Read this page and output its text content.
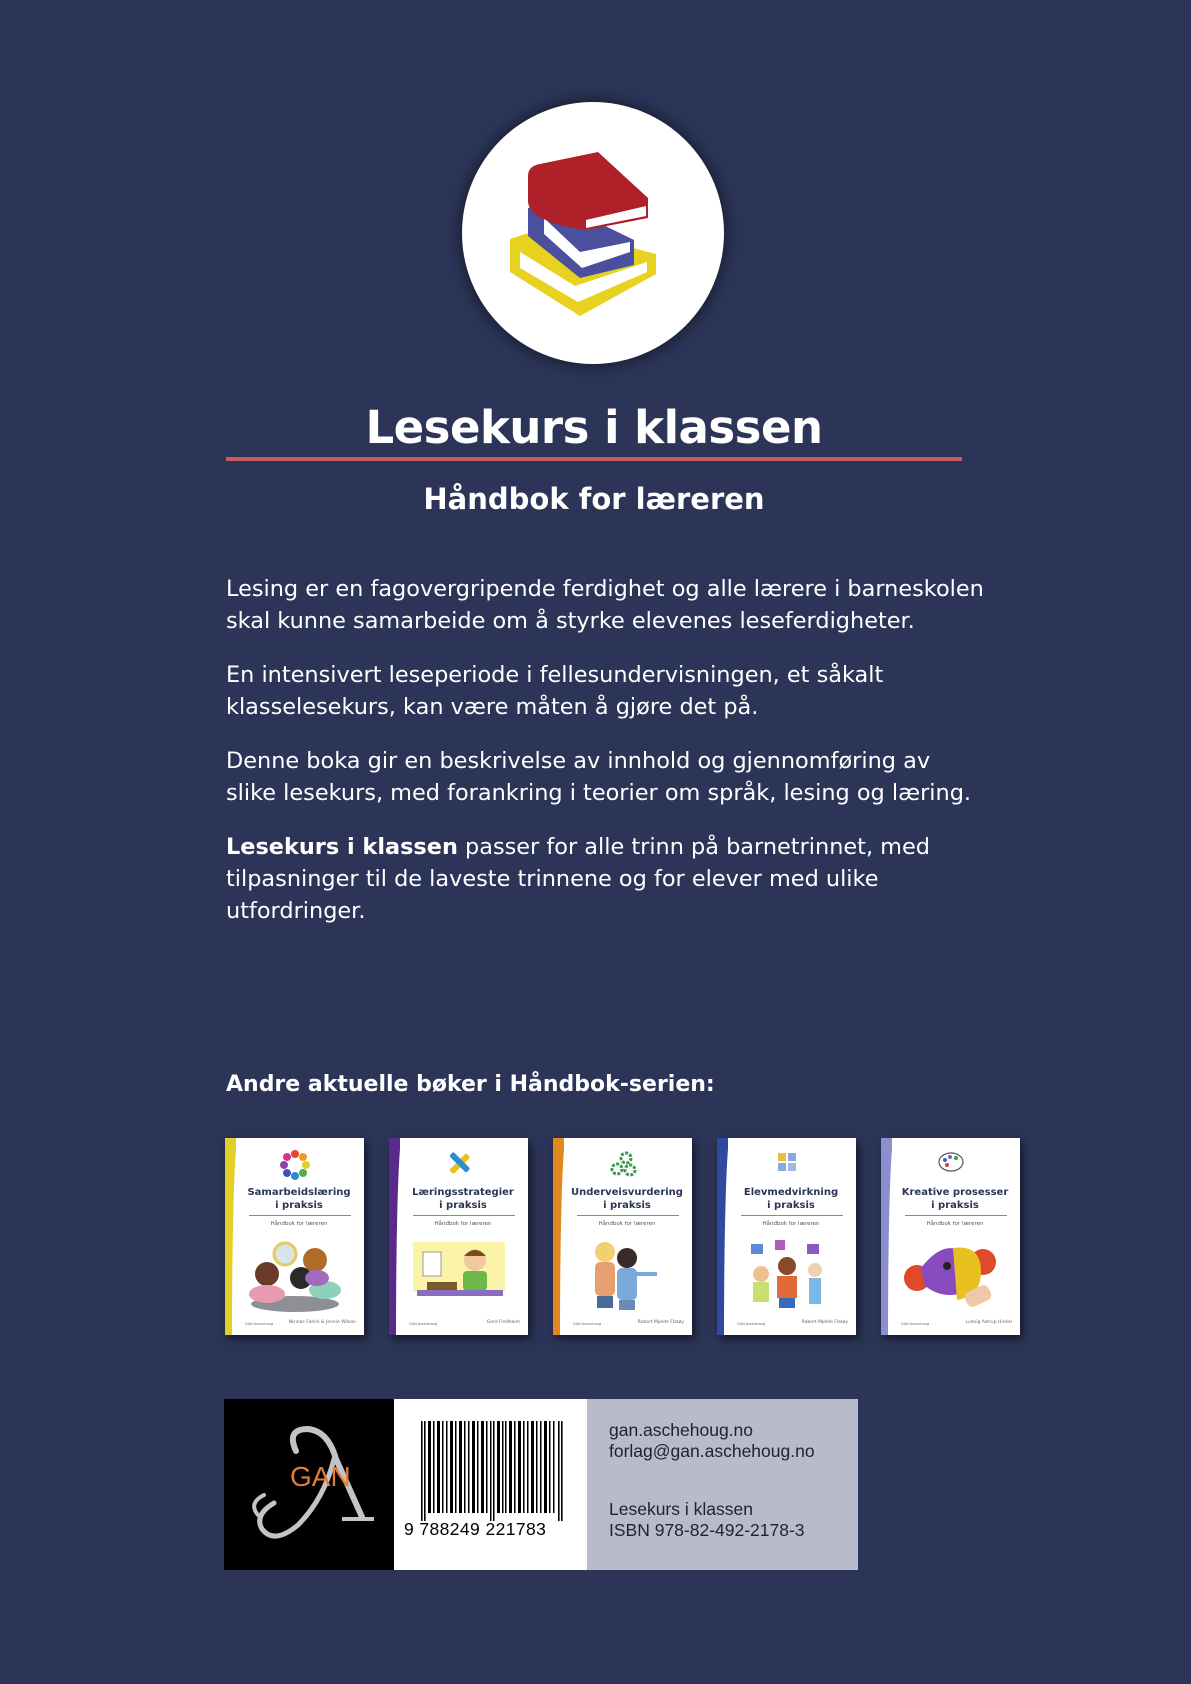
Lesekurs i klassen
Håndbok for læreren

Lesing er en fagovergripende ferdighet og alle lærere i barneskolen skal kunne samarbeide om å styrke elevenes leseferdigheter.

En intensivert leseperiode i fellesundervisningen, et såkalt klasselesekurs, kan være måten å gjøre det på.

Denne boka gir en beskrivelse av innhold og gjennomføring av slike lesekurs, med forankring i teorier om språk, lesing og læring.

Lesekurs i klassen passer for alle trinn på barnetrinnet, med tilpasninger til de laveste trinnene og for elever med ulike utfordringer.

Andre aktuelle bøker i Håndbok-serien:
Samarbeidslæring
i praksis
Håndbok for læreren
GAN Aschehoug	Nicolas Fohlin & Jennie Wilson
Læringsstrategier
i praksis
Håndbok for læreren
GAN Aschehoug	Gerd Fredheim
Underveisvurdering
i praksis
Håndbok for læreren
GAN Aschehoug	Robert Mjelde Flatøy
Elevmedvirkning
i praksis
Håndbok for læreren
GAN Aschehoug	Robert Mjelde Flatøy
Kreative prosesser
i praksis
Håndbok for læreren
GAN Aschehoug	Ludvig Astrup Hinkel
GAN
9 788249 221783
gan.aschehoug.no
forlag@gan.aschehoug.no
Lesekurs i klassen
ISBN 978-82-492-2178-3
